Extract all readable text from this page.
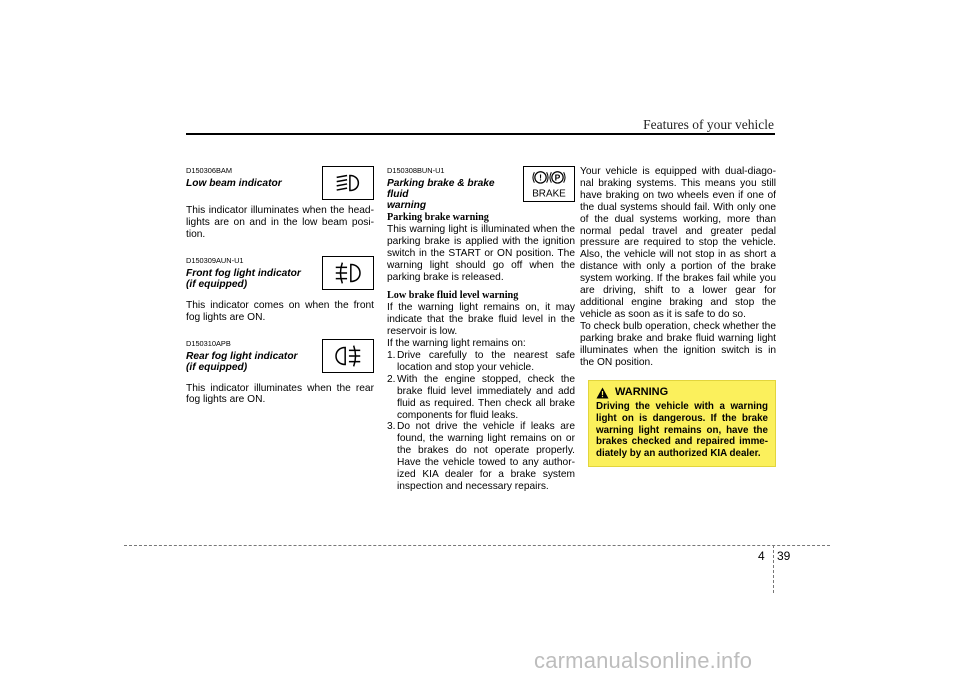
Features of your vehicle
D150306BAM
Low beam indicator

This indicator illuminates when the head-lights are on and in the low beam posi-tion.

D150309AUN-U1
Front fog light indicator
(if equipped)

This indicator comes on when the front fog lights are ON.

D150310APB
Rear fog light indicator
(if equipped)

This indicator illuminates when the rear fog lights are ON.

D150308BUN-U1
Parking brake & brake fluid
warning
! P
BRAKE
Parking brake warning

This warning light is illuminated when the parking brake is applied with the ignition switch in the START or ON position. The warning light should go off when the parking brake is released.

Low brake fluid level warning

If the warning light remains on, it may indicate that the brake fluid level in the reservoir is low.

If the warning light remains on:

1. Drive carefully to the nearest safe location and stop your vehicle.
2. With the engine stopped, check the brake fluid level immediately and add fluid as required. Then check all brake components for fluid leaks.
3. Do not drive the vehicle if leaks are found, the warning light remains on or the brakes do not operate properly. Have the vehicle towed to any author-ized KIA dealer for a brake system inspection and necessary repairs.

Your vehicle is equipped with dual-diago-nal braking systems. This means you still have braking on two wheels even if one of the dual systems should fail. With only one of the dual systems working, more than normal pedal travel and greater pedal pressure are required to stop the vehicle. Also, the vehicle will not stop in as short a distance with only a portion of the brake system working. If the brakes fail while you are driving, shift to a lower gear for additional engine braking and stop the vehicle as soon as it is safe to do so.

To check bulb operation, check whether the parking brake and brake fluid warning light illuminates when the ignition switch is in the ON position.

WARNING

Driving the vehicle with a warning light on is dangerous. If the brake warning light remains on, have the brakes checked and repaired imme-diately by an authorized KIA dealer.

4 39
carmanualsonline.info
